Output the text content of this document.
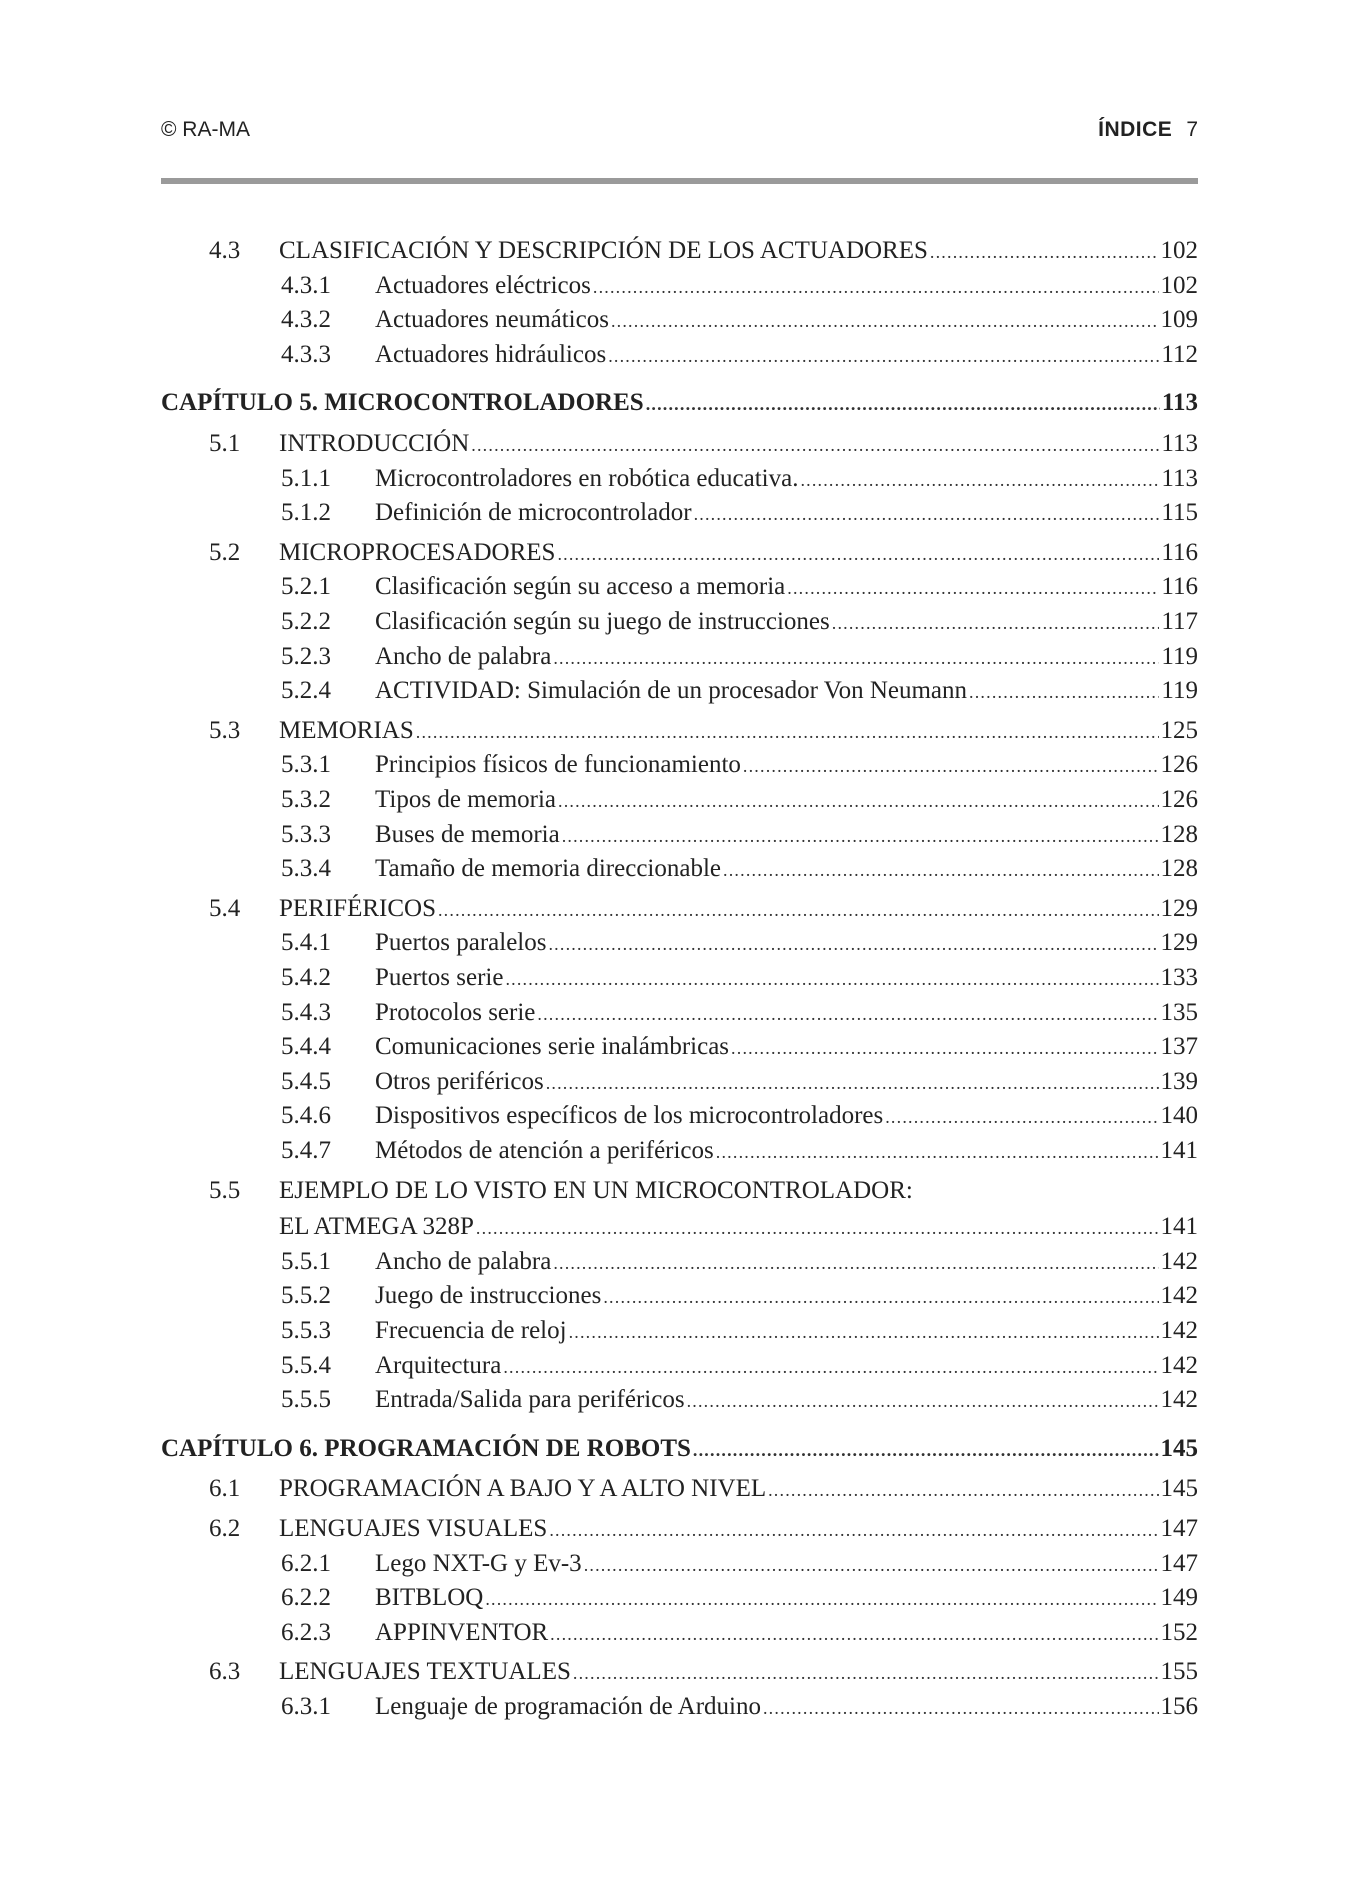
© RA-MA	ÍNDICE 7
4.3 CLASIFICACIÓN Y DESCRIPCIÓN DE LOS ACTUADORES .....	102
4.3.1 Actuadores eléctricos .....	102
4.3.2 Actuadores neumáticos .....	109
4.3.3 Actuadores hidráulicos .....	112
CAPÍTULO 5. MICROCONTROLADORES .....	113
5.1 INTRODUCCIÓN .....	113
5.1.1 Microcontroladores en robótica educativa. .....	113
5.1.2 Definición de microcontrolador .....	115
5.2 MICROPROCESADORES .....	116
5.2.1 Clasificación según su acceso a memoria .....	116
5.2.2 Clasificación según su juego de instrucciones .....	117
5.2.3 Ancho de palabra .....	119
5.2.4 ACTIVIDAD: Simulación de un procesador Von Neumann .....	119
5.3 MEMORIAS .....	125
5.3.1 Principios físicos de funcionamiento .....	126
5.3.2 Tipos de memoria .....	126
5.3.3 Buses de memoria .....	128
5.3.4 Tamaño de memoria direccionable .....	128
5.4 PERIFÉRICOS .....	129
5.4.1 Puertos paralelos .....	129
5.4.2 Puertos serie .....	133
5.4.3 Protocolos serie .....	135
5.4.4 Comunicaciones serie inalámbricas .....	137
5.4.5 Otros periféricos .....	139
5.4.6 Dispositivos específicos de los microcontroladores .....	140
5.4.7 Métodos de atención a periféricos .....	141
5.5 EJEMPLO DE LO VISTO EN UN MICROCONTROLADOR:
EL ATMEGA 328P .....	141
5.5.1 Ancho de palabra .....	142
5.5.2 Juego de instrucciones .....	142
5.5.3 Frecuencia de reloj .....	142
5.5.4 Arquitectura .....	142
5.5.5 Entrada/Salida para periféricos .....	142
CAPÍTULO 6. PROGRAMACIÓN DE ROBOTS .....	145
6.1 PROGRAMACIÓN A BAJO Y A ALTO NIVEL .....	145
6.2 LENGUAJES VISUALES .....	147
6.2.1 Lego NXT-G y Ev-3 .....	147
6.2.2 BITBLOQ .....	149
6.2.3 APPINVENTOR .....	152
6.3 LENGUAJES TEXTUALES .....	155
6.3.1 Lenguaje de programación de Arduino .....	156
